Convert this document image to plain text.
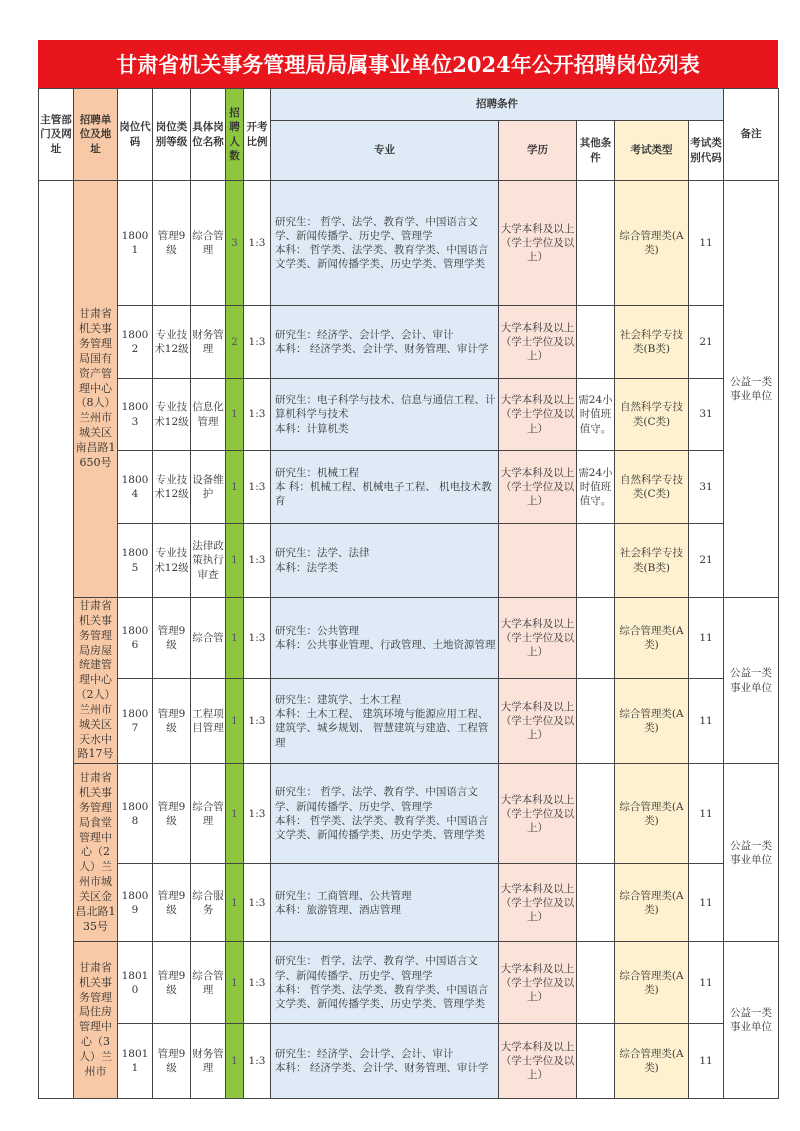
甘肃省机关事务管理局局属事业单位2024年公开招聘岗位列表
主管部门及网址	招聘单位及地址	岗位代码	岗位类别等级	具体岗位名称	招聘人数	开考比例	招聘条件					备注
							专业	学历	其他条件	考试类型	考试类别代码	
	甘肃省机关事务管理局国有资产管理中心（8人）兰州市城关区南昌路1650号	18001	管理9级	综合管理	3	1:3	研究生： 哲学、法学、教育学、中国语言文学、新闻传播学、历史学、管理学
本科： 哲学类、法学类、教育学类、中国语言文学类、新闻传播学类、历史学类、管理学类	大学本科及以上（学士学位及以上）		综合管理类(A类)	11	公益一类事业单位
		18002	专业技术12级	财务管理	2	1:3	研究生：经济学、会计学、会计、审计
本科： 经济学类、会计学、财务管理、审计学	大学本科及以上（学士学位及以上）		社会科学专技类(B类)	21	
		18003	专业技术12级	信息化管理	1	1:3	研究生：电子科学与技术、信息与通信工程、计算机科学与技术
本科：计算机类	大学本科及以上（学士学位及以上）	需24小时值班值守。	自然科学专技类(C类)	31	
		18004	专业技术12级	设备维护	1	1:3	研究生：机械工程
本 科：机械工程、机械电子工程、 机电技术教育	大学本科及以上（学士学位及以上）	需24小时值班值守。	自然科学专技类(C类)	31	
		18005	专业技术12级	法律政策执行审查	1	1:3	研究生：法学、法律
本科：法学类			社会科学专技类(B类)	21	
	甘肃省机关事务管理局房屋统建管理中心（2人）兰州市城关区天水中路17号	18006	管理9级	综合管	1	1:3	研究生：公共管理
本科：公共事业管理、行政管理、土地资源管理	大学本科及以上（学士学位及以上）		综合管理类(A类)	11	公益一类事业单位
		18007	管理9级	工程项目管理	1	1:3	研究生：建筑学、土木工程
本科：土木工程、 建筑环境与能源应用工程、 建筑学、城乡规划、 智慧建筑与建造、工程管理	大学本科及以上（学士学位及以上）		综合管理类(A类)	11	
	甘肃省机关事务管理局食堂管理中心（2人）兰州市城关区金昌北路135号	18008	管理9级	综合管理	1	1:3	研究生： 哲学、法学、教育学、中国语言文学、新闻传播学、历史学、管理学
本科： 哲学类、法学类、教育学类、中国语言文学类、新闻传播学类、历史学类、管理学类	大学本科及以上（学士学位及以上）		综合管理类(A类)	11	公益一类事业单位
		18009	管理9级	综合服务	1	1:3	研究生：工商管理、公共管理
本科：旅游管理、酒店管理	大学本科及以上（学士学位及以上）		综合管理类(A类)	11	
	甘肃省机关事务管理局住房管理中心（3人）兰州市	18010	管理9级	综合管理	1	1:3	研究生： 哲学、法学、教育学、中国语言文学、新闻传播学、历史学、管理学
本科： 哲学类、法学类、教育学类、中国语言文学类、新闻传播学类、历史学类、管理学类	大学本科及以上（学士学位及以上）		综合管理类(A类)	11	公益一类事业单位
		18011	管理9级	财务管理	1	1:3	研究生：经济学、会计学、会计、审计
本科： 经济学类、会计学、财务管理、审计学	大学本科及以上（学士学位及以上）		综合管理类(A类)	11	
